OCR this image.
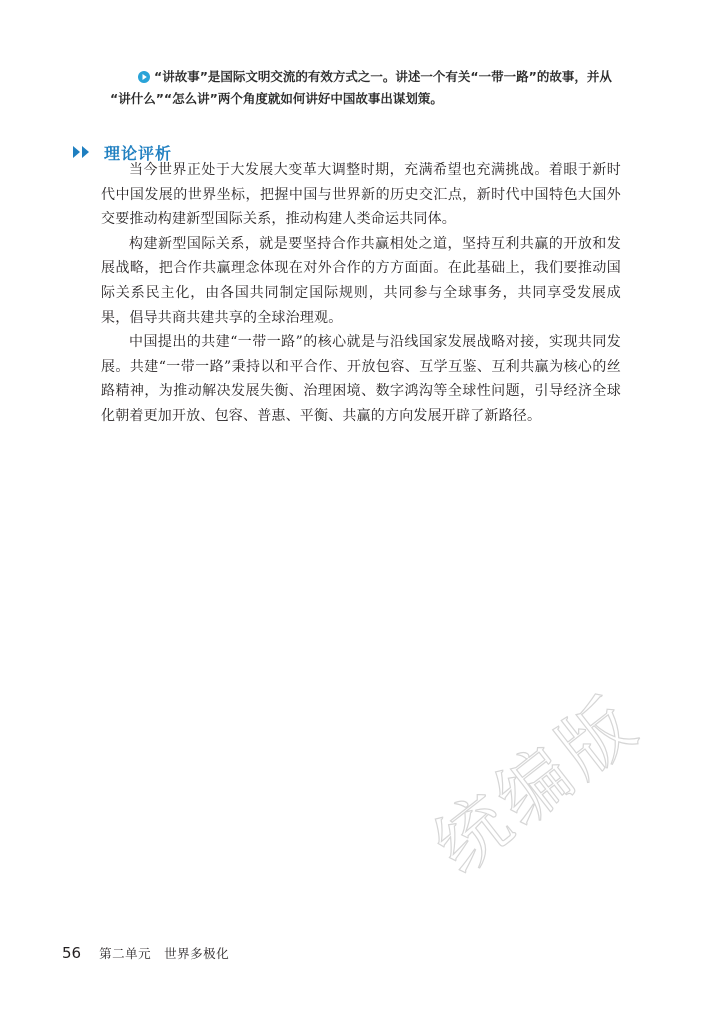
“讲故事”是国际文明交流的有效方式之一。讲述一个有关“一带一路”的故事，并从
“讲什么”“怎么讲”两个角度就如何讲好中国故事出谋划策。
理论评析

当今世界正处于大发展大变革大调整时期，充满希望也充满挑战。着眼于新时代中国发展的世界坐标，把握中国与世界新的历史交汇点，新时代中国特色大国外交要推动构建新型国际关系，推动构建人类命运共同体。

构建新型国际关系，就是要坚持合作共赢相处之道，坚持互利共赢的开放和发展战略，把合作共赢理念体现在对外合作的方方面面。在此基础上，我们要推动国际关系民主化，由各国共同制定国际规则，共同参与全球事务，共同享受发展成果，倡导共商共建共享的全球治理观。

中国提出的共建“一带一路”的核心就是与沿线国家发展战略对接，实现共同发展。共建“一带一路”秉持以和平合作、开放包容、互学互鉴、互利共赢为核心的丝路精神，为推动解决发展失衡、治理困境、数字鸿沟等全球性问题，引导经济全球化朝着更加开放、包容、普惠、平衡、共赢的方向发展开辟了新路径。

统编版
56 第二单元　世界多极化
